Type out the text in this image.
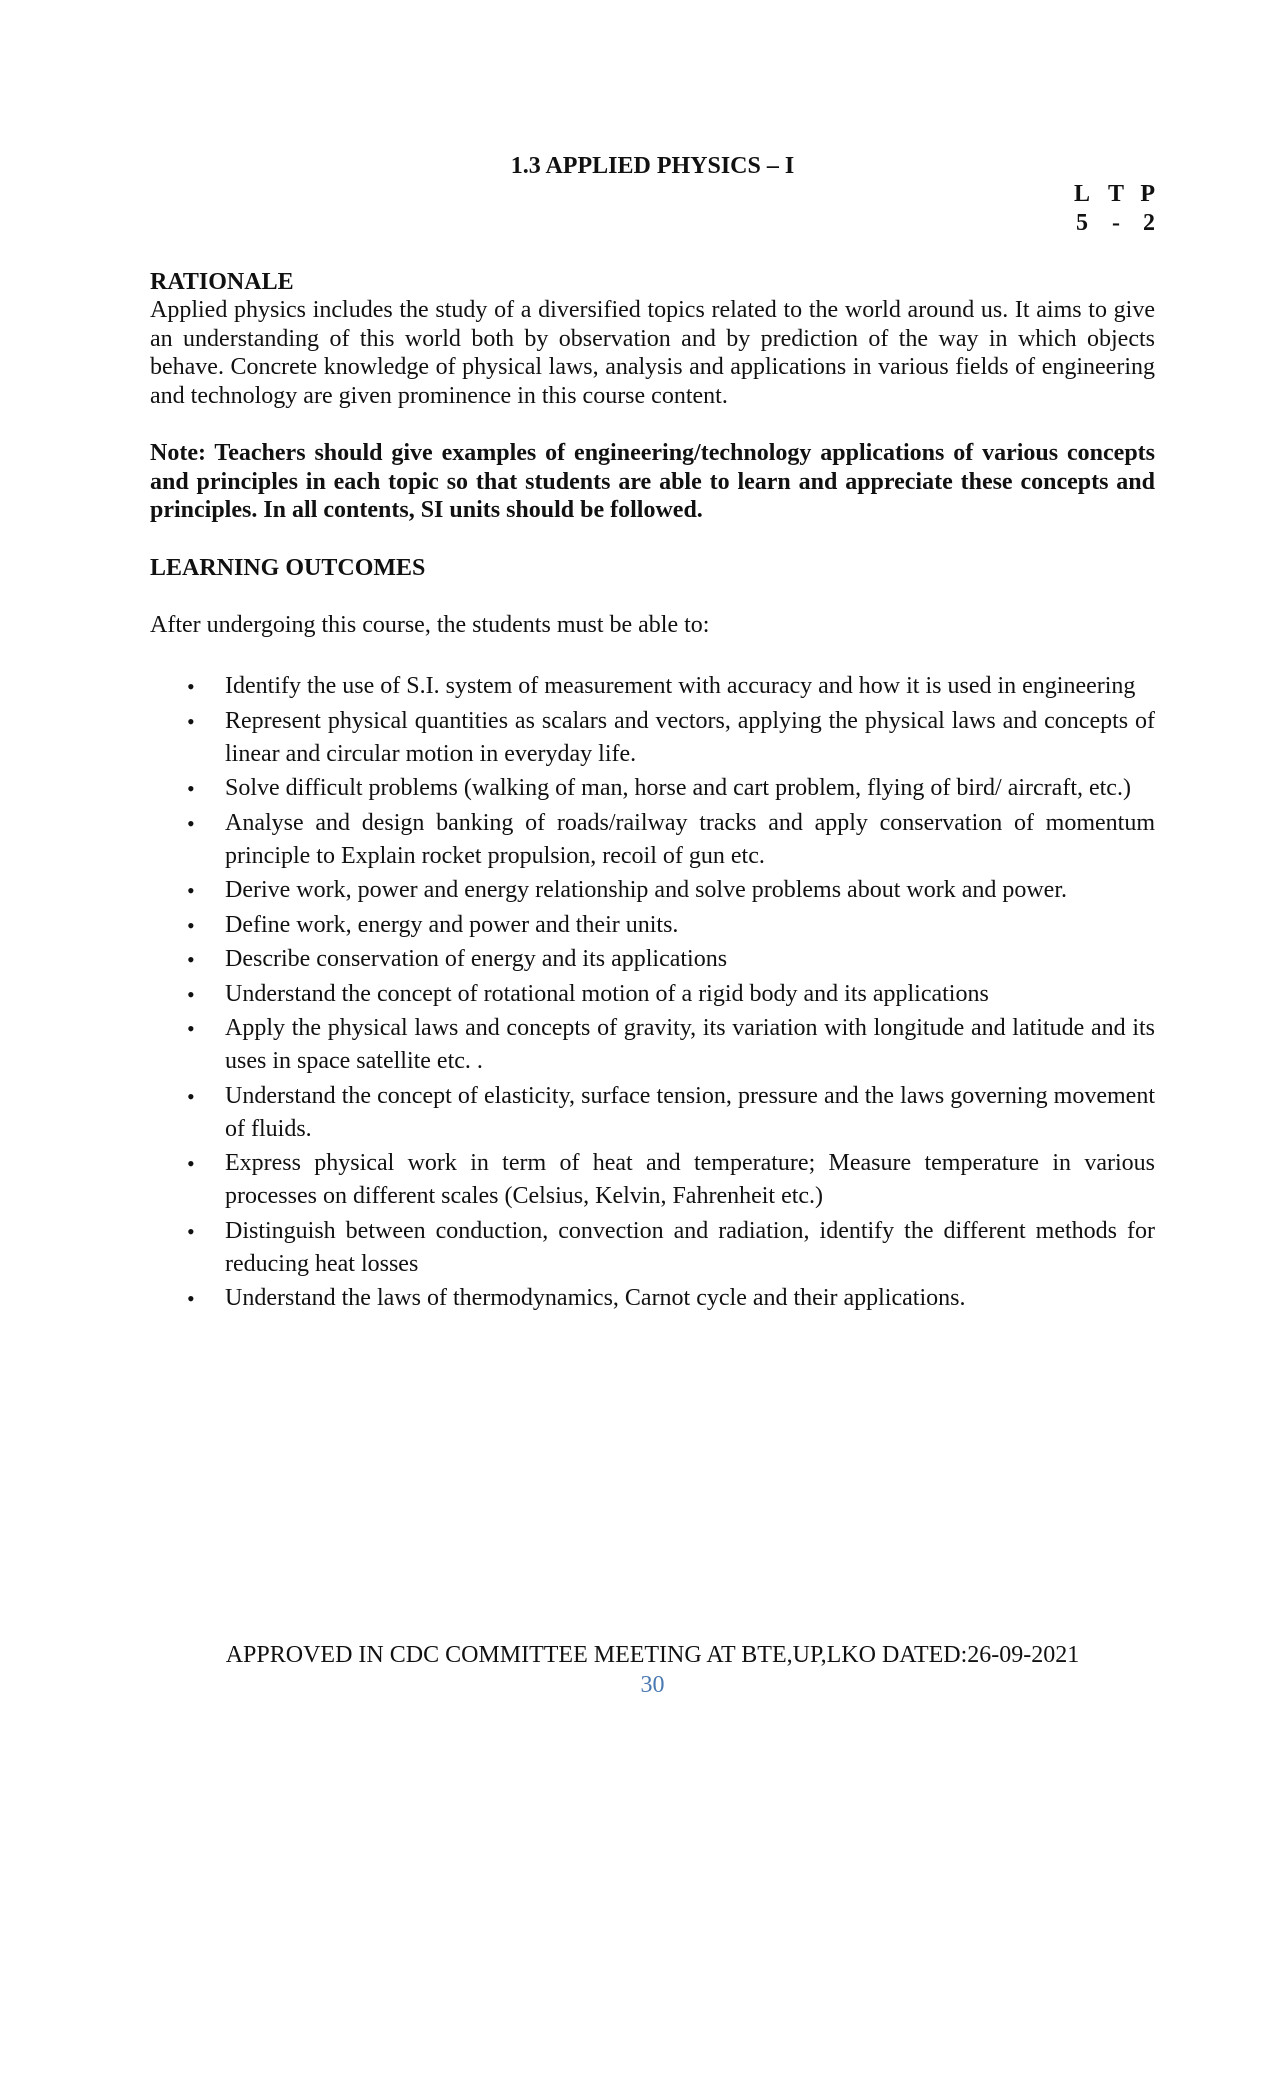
1.3 APPLIED PHYSICS – I
L T P
5	- 2
RATIONALE

Applied physics includes the study of a diversified topics related to the world around us. It aims to give an understanding of this world both by observation and by prediction of the way in which objects behave. Concrete knowledge of physical laws, analysis and applications in various fields of engineering and technology are given prominence in this course content.

Note: Teachers should give examples of engineering/technology applications of various concepts and principles in each topic so that students are able to learn and appreciate these concepts and principles. In all contents, SI units should be followed.

LEARNING OUTCOMES

After undergoing this course, the students must be able to:

• Identify the use of S.I. system of measurement with accuracy and how it is used in engineering
• Represent physical quantities as scalars and vectors, applying the physical laws and concepts of linear and circular motion in everyday life.
• Solve difficult problems (walking of man, horse and cart problem, flying of bird/ aircraft, etc.)
• Analyse and design banking of roads/railway tracks and apply conservation of momentum principle to Explain rocket propulsion, recoil of gun etc.
• Derive work, power and energy relationship and solve problems about work and power.
• Define work, energy and power and their units.
• Describe conservation of energy and its applications
• Understand the concept of rotational motion of a rigid body and its applications
• Apply the physical laws and concepts of gravity, its variation with longitude and latitude and its uses in space satellite etc. .
• Understand the concept of elasticity, surface tension, pressure and the laws governing movement of fluids.
• Express physical work in term of heat and temperature; Measure temperature in various processes on different scales (Celsius, Kelvin, Fahrenheit etc.)
• Distinguish between conduction, convection and radiation, identify the different methods for reducing heat losses
• Understand the laws of thermodynamics, Carnot cycle and their applications.
APPROVED IN CDC COMMITTEE MEETING AT BTE,UP,LKO DATED:26-09-2021
30
